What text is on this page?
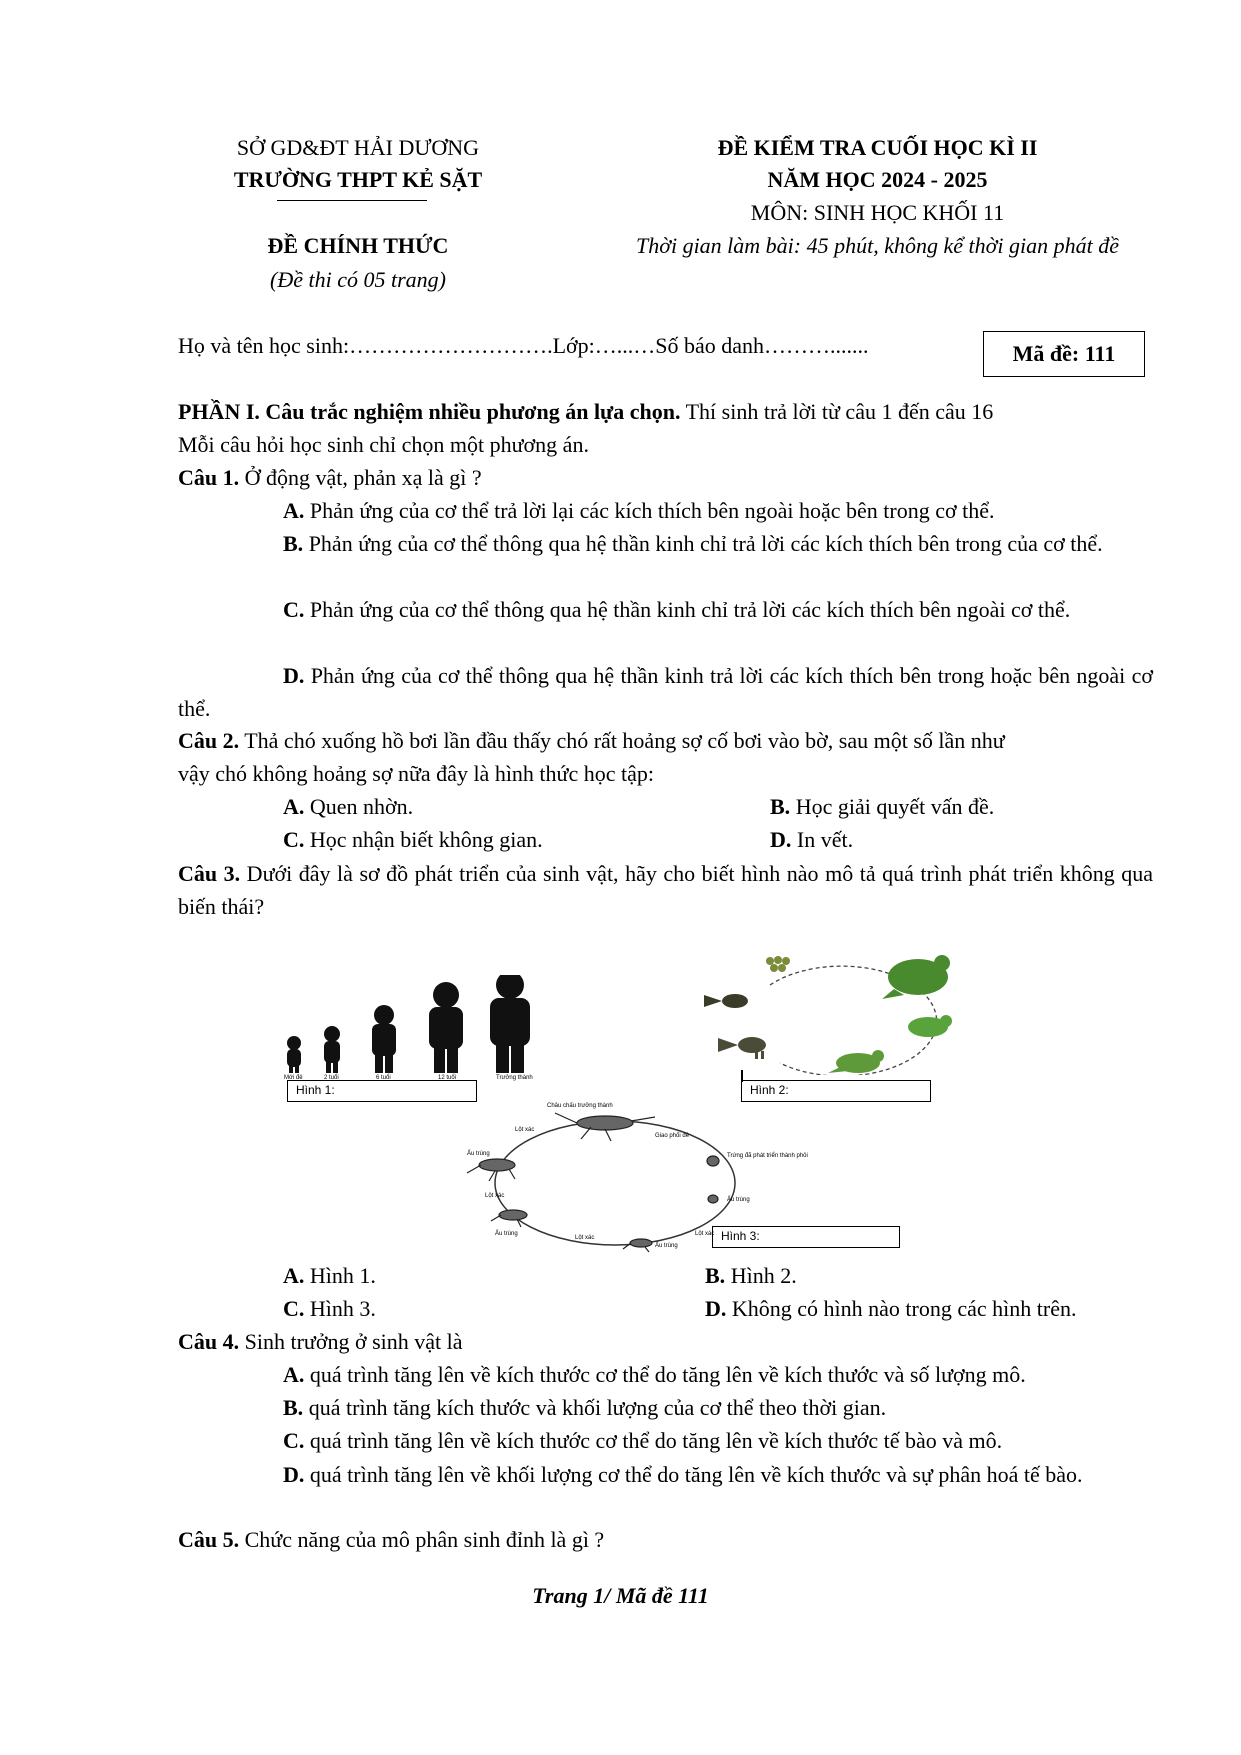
SỞ GD&ĐT HẢI DƯƠNG
TRƯỜNG THPT KẺ SẶT
ĐỀ CHÍNH THỨC
(Đề thi có 05 trang)
ĐỀ KIỂM TRA CUỐI HỌC KÌ II
NĂM HỌC 2024 - 2025
MÔN: SINH HỌC KHỐI 11
Thời gian làm bài: 45 phút, không kể thời gian phát đề
Họ và tên học sinh:……………………….Lớp:…...…Số báo danh……….......	Mã đề: 111
PHẦN I. Câu trắc nghiệm nhiều phương án lựa chọn. Thí sinh trả lời từ câu 1 đến câu 16
Mỗi câu hỏi học sinh chỉ chọn một phương án.
Câu 1. Ở động vật, phản xạ là gì ?
A. Phản ứng của cơ thể trả lời lại các kích thích bên ngoài hoặc bên trong cơ thể.
B. Phản ứng của cơ thể thông qua hệ thần kinh chỉ trả lời các kích thích bên trong của cơ thể.
C. Phản ứng của cơ thể thông qua hệ thần kinh chỉ trả lời các kích thích bên ngoài cơ thể.
D. Phản ứng của cơ thể thông qua hệ thần kinh trả lời các kích thích bên trong hoặc bên ngoài cơ thể.
Câu 2. Thả chó xuống hồ bơi lần đầu thấy chó rất hoảng sợ cố bơi vào bờ, sau một số lần như
vậy chó không hoảng sợ nữa đây là hình thức học tập:
A. Quen nhờn.	B. Học giải quyết vấn đề.
C. Học nhận biết không gian.	D. In vết.
Câu 3. Dưới đây là sơ đồ phát triển của sinh vật, hãy cho biết hình nào mô tả quá trình phát triển không qua biến thái?
Mới đẻ	2 tuổi	6 tuổi	12 tuổi	Trưởng thành
Hình 1:	Hình 2:
Châu chấu trưởng thành
Giao phối đẻ
Trứng đã phát triển thành phôi
Ấu trùng
Lột xác
Ấu trùng
Lột xác
Ấu trùng
Lột xác
Ấu trùng
Lột xác
Hình 3:
A. Hình 1.	B. Hình 2.
C. Hình 3.	D. Không có hình nào trong các hình trên.
Câu 4. Sinh trưởng ở sinh vật là
A. quá trình tăng lên về kích thước cơ thể do tăng lên về kích thước và số lượng mô.
B. quá trình tăng kích thước và khối lượng của cơ thể theo thời gian.
C. quá trình tăng lên về kích thước cơ thể do tăng lên về kích thước tế bào và mô.
D. quá trình tăng lên về khối lượng cơ thể do tăng lên về kích thước và sự phân hoá tế bào.
Câu 5. Chức năng của mô phân sinh đỉnh là gì ?
Trang 1/ Mã đề 111
